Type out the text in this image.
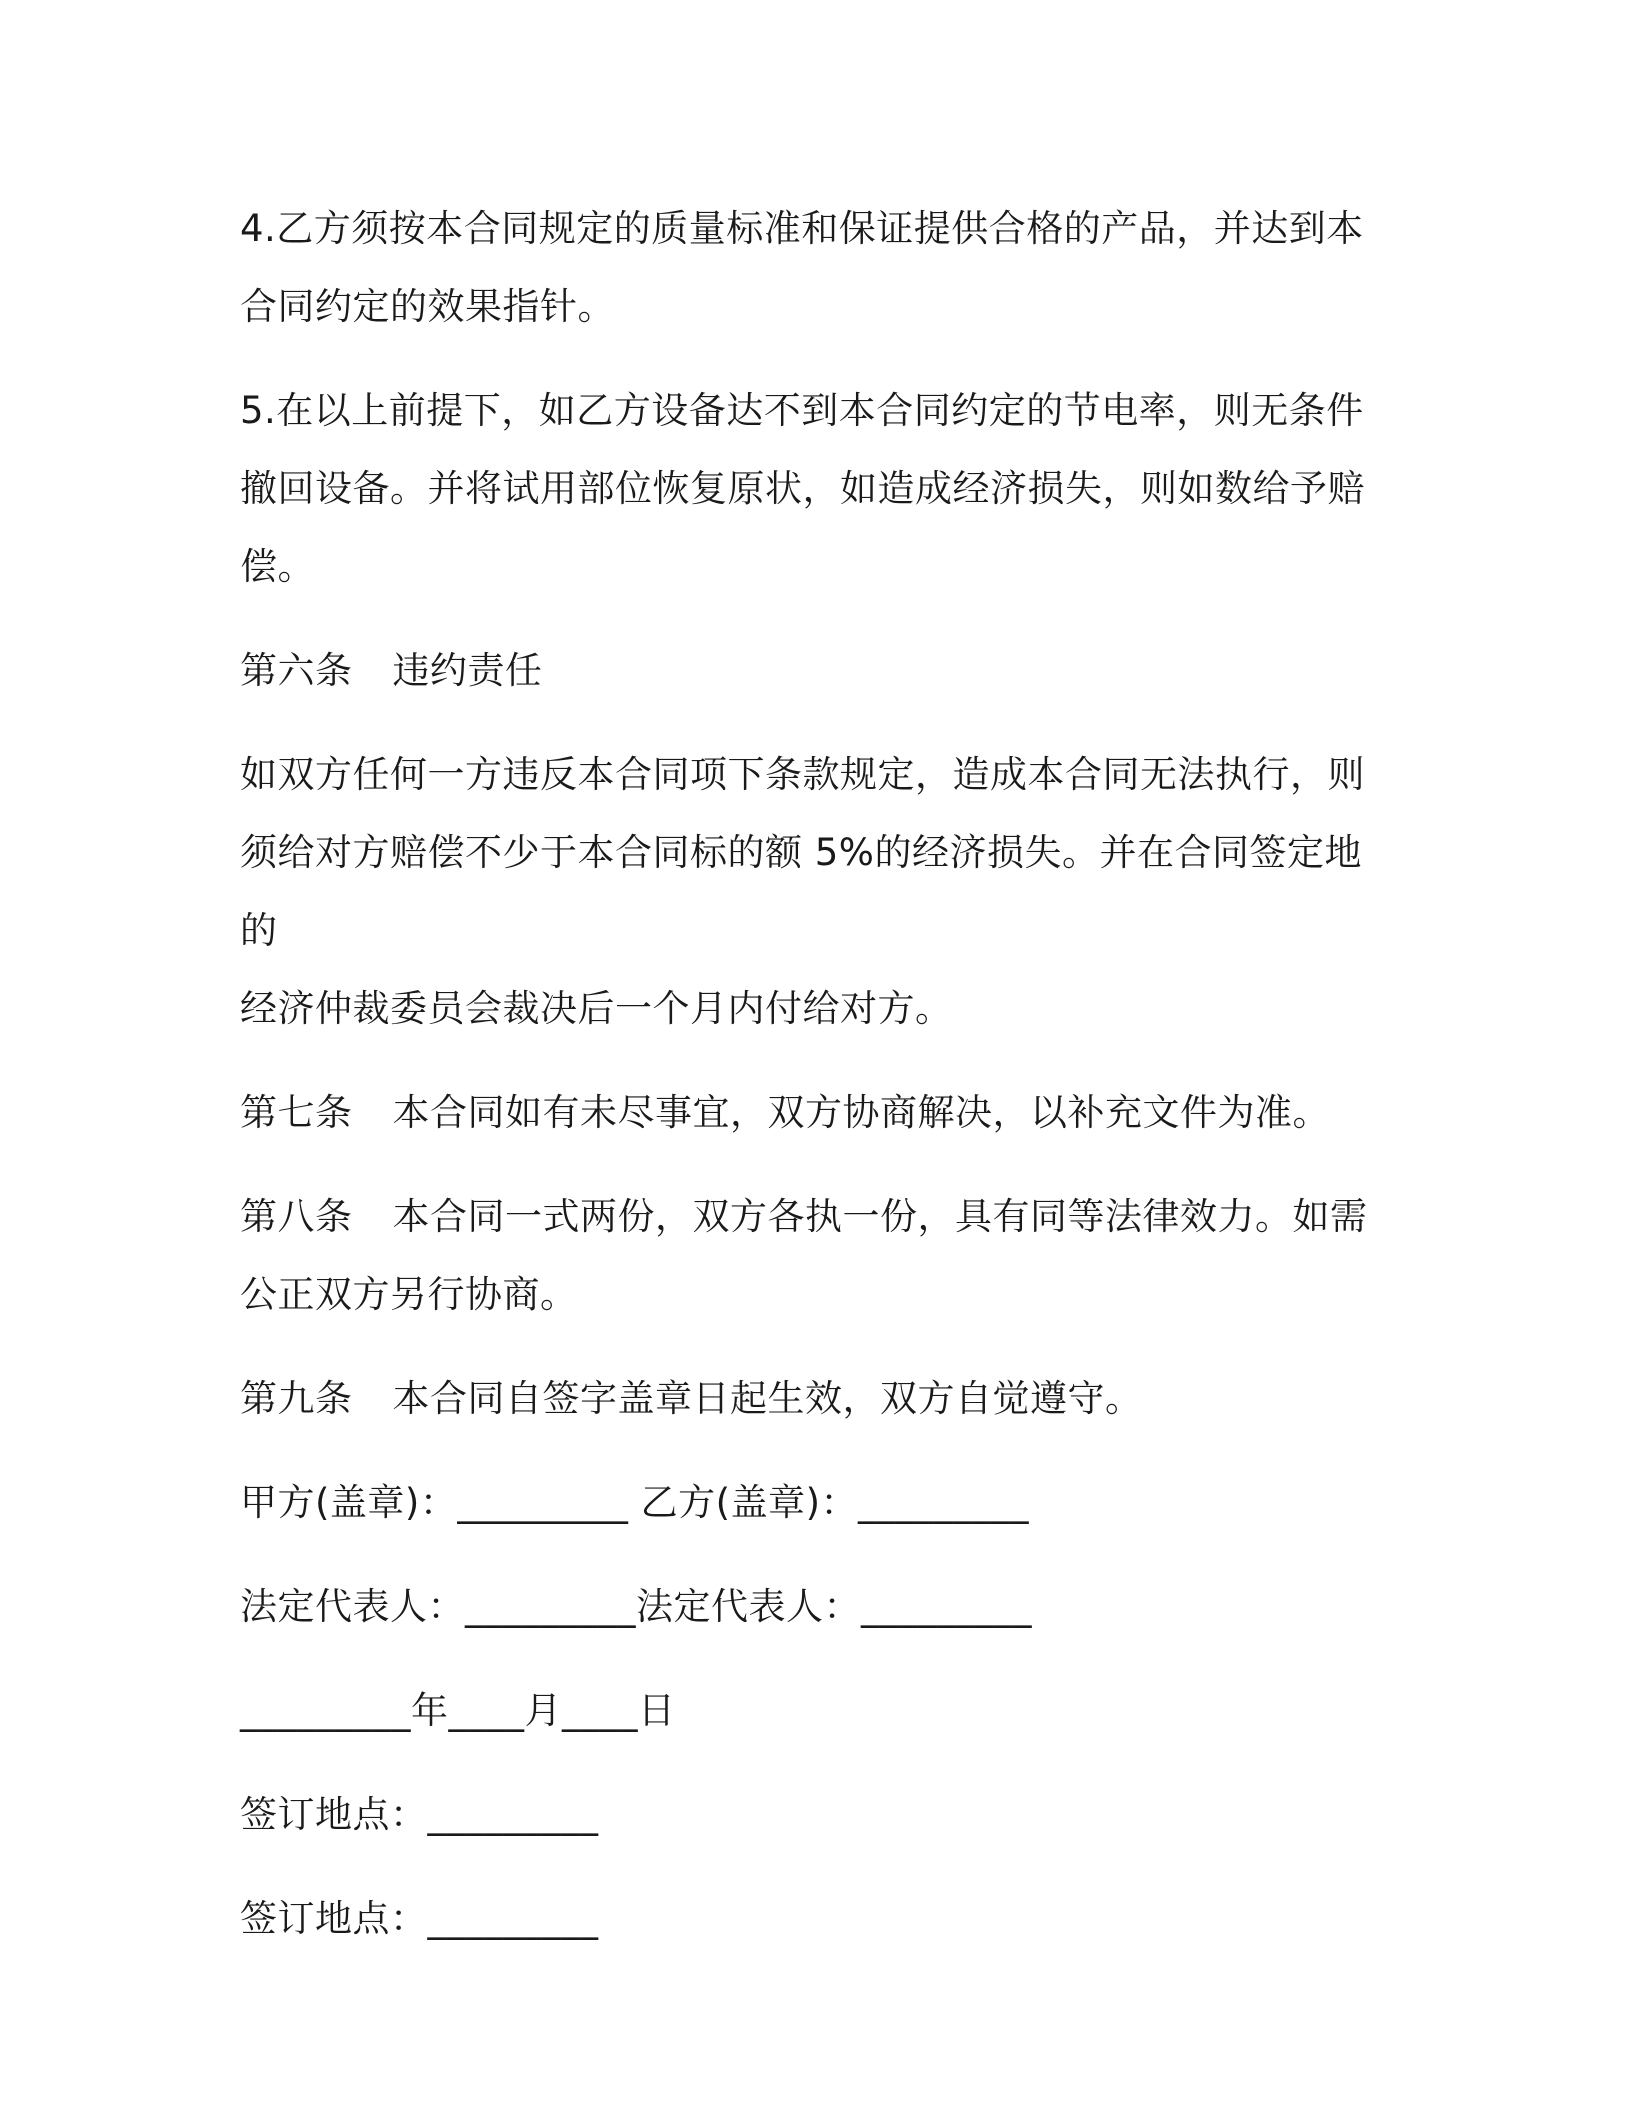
4.乙方须按本合同规定的质量标准和保证提供合格的产品，并达到本
合同约定的效果指针。

5.在以上前提下，如乙方设备达不到本合同约定的节电率，则无条件
撤回设备。并将试用部位恢复原状，如造成经济损失，则如数给予赔
偿。

第六条 违约责任

如双方任何一方违反本合同项下条款规定，造成本合同无法执行，则
须给对方赔偿不少于本合同标的额 5%的经济损失。并在合同签定地的
经济仲裁委员会裁决后一个月内付给对方。

第七条 本合同如有未尽事宜，双方协商解决，以补充文件为准。

第八条 本合同一式两份，双方各执一份，具有同等法律效力。如需
公正双方另行协商。

第九条 本合同自签字盖章日起生效，双方自觉遵守。

甲方(盖章)：_________ 乙方(盖章)：_________

法定代表人：_________法定代表人：_________

_________年____月____日

签订地点：_________

签订地点：_________
